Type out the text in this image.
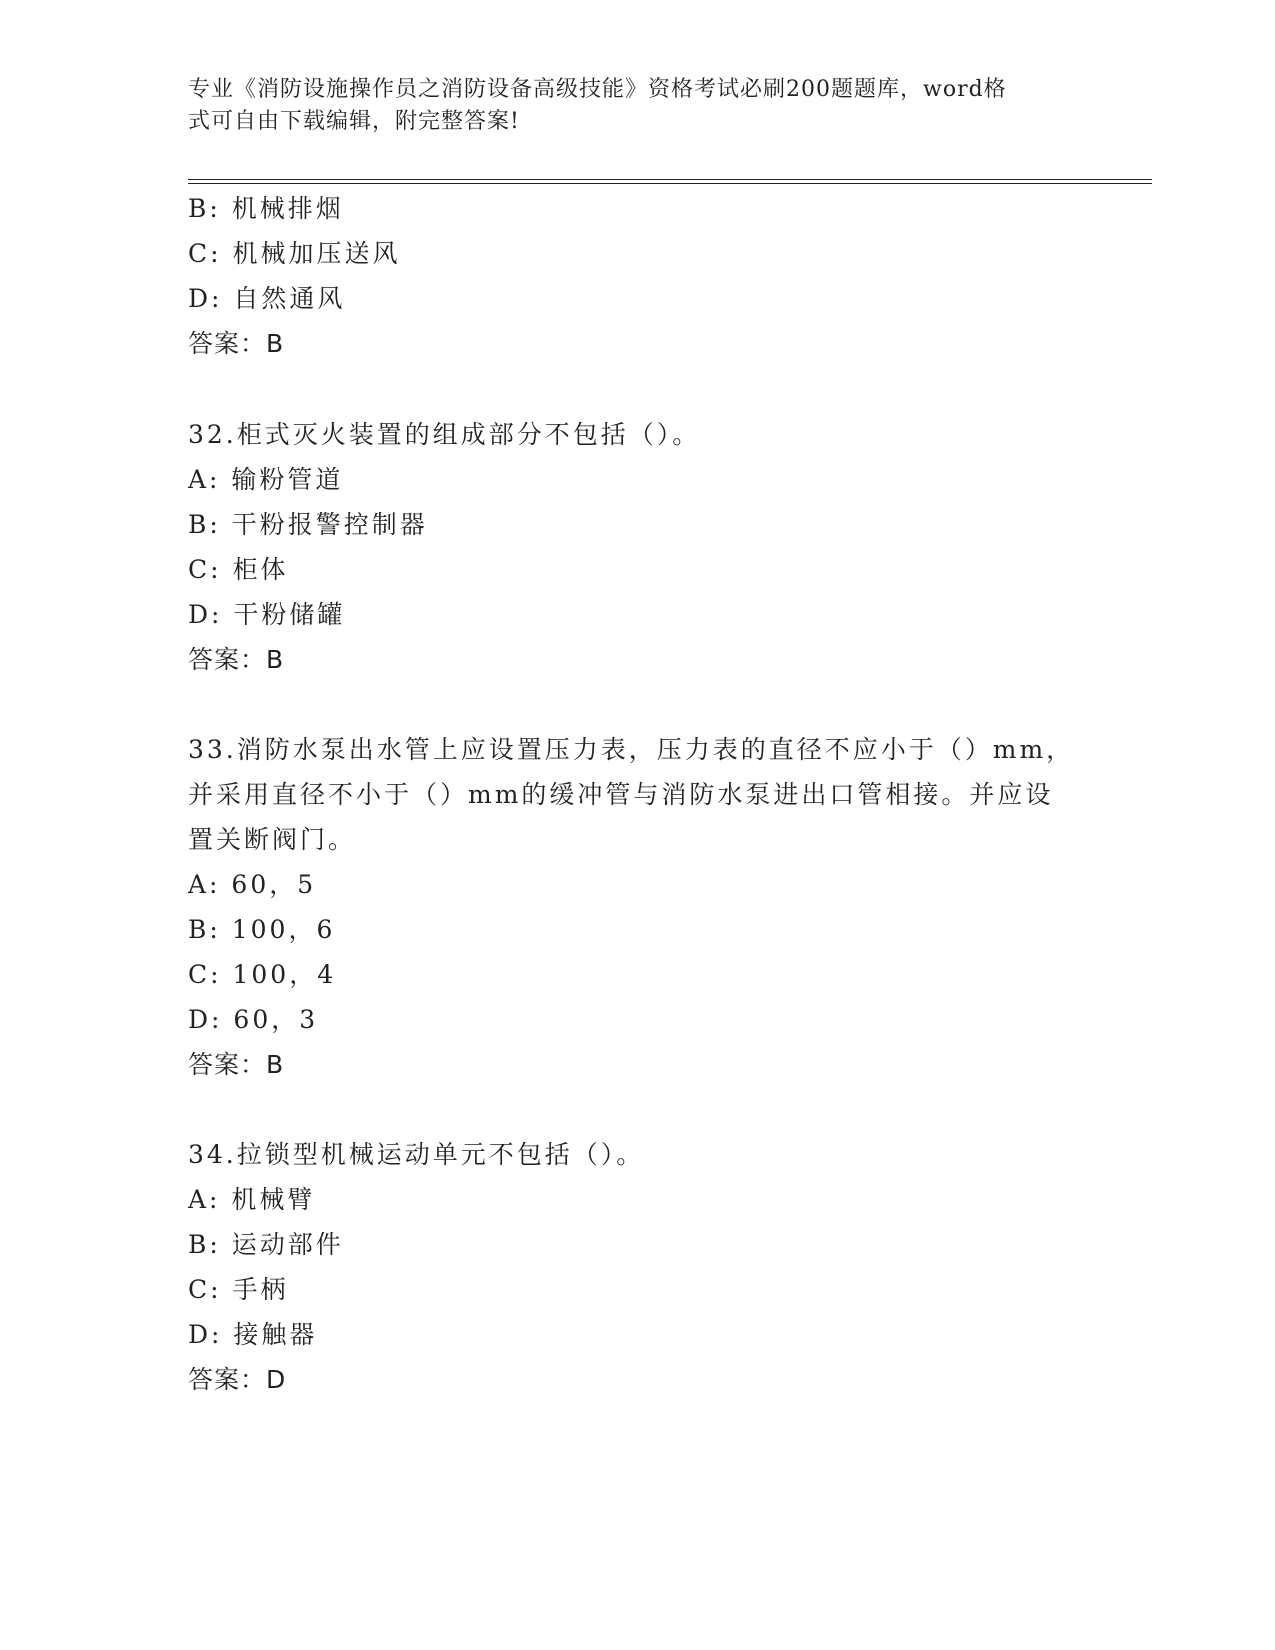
专业《消防设施操作员之消防设备高级技能》资格考试必刷200题题库，word格
式可自由下载编辑，附完整答案!
B: 机械排烟
C: 机械加压送风
D: 自然通风
答案：B
32.柜式灭火装置的组成部分不包括（）。
A: 输粉管道
B: 干粉报警控制器
C: 柜体
D: 干粉储罐
答案：B
33.消防水泵出水管上应设置压力表，压力表的直径不应小于（）mm，
并采用直径不小于（）mm的缓冲管与消防水泵进出口管相接。并应设
置关断阀门。
A: 60，5
B: 100，6
C: 100，4
D: 60，3
答案：B
34.拉锁型机械运动单元不包括（）。
A: 机械臂
B: 运动部件
C: 手柄
D: 接触器
答案：D
